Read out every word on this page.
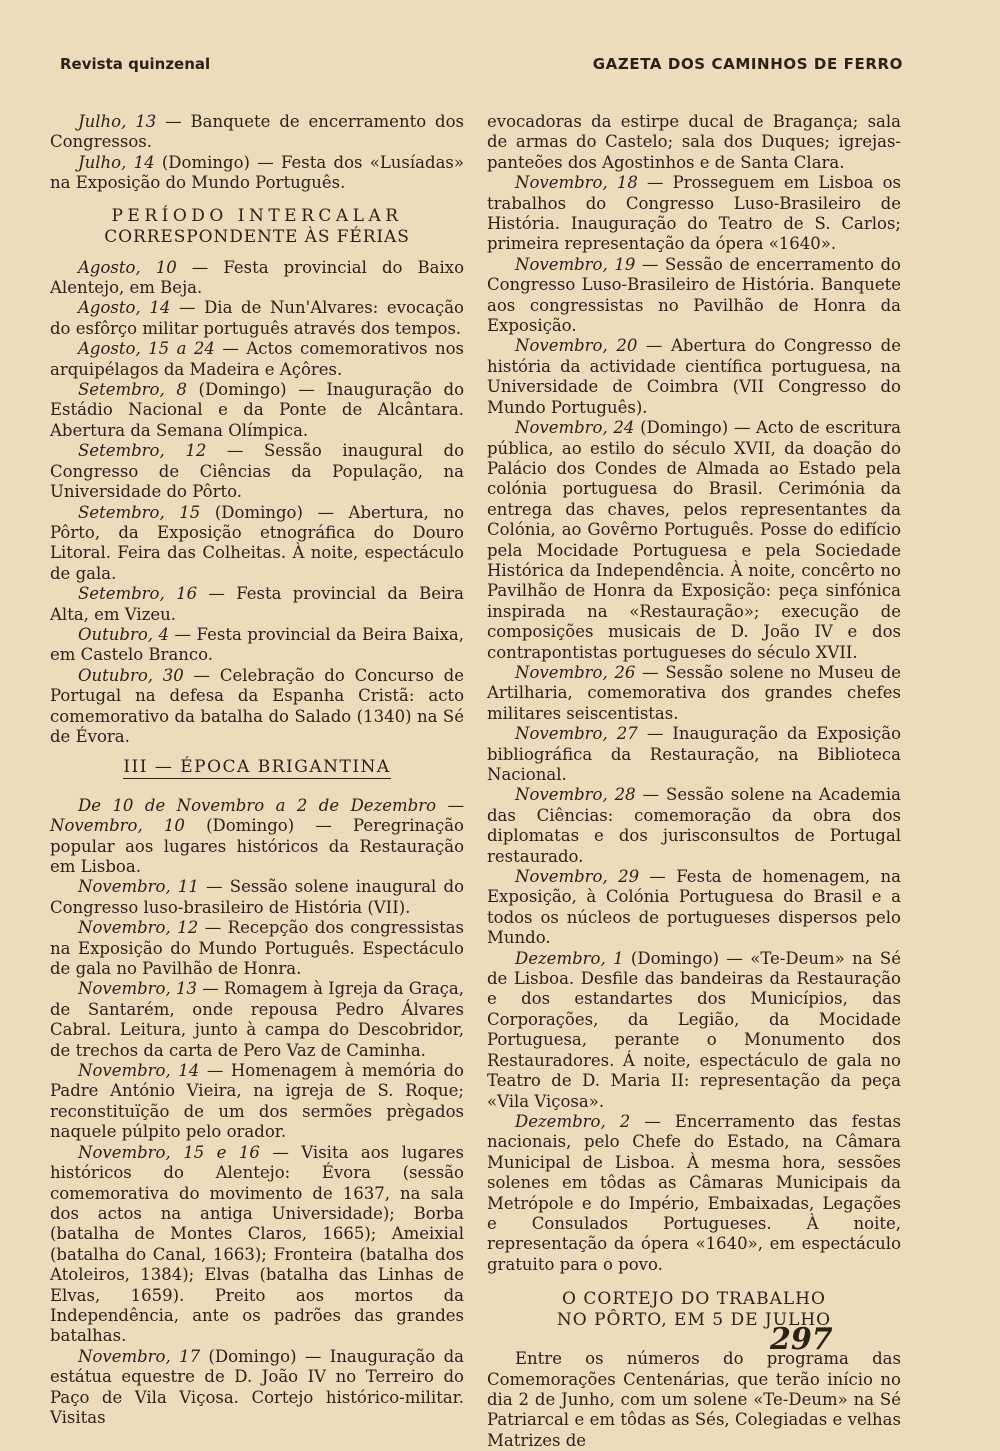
Revista quinzenal	GAZETA DOS CAMINHOS DE FERRO

Julho, 13 — Banquete de encerramento dos Congressos.

Julho, 14 (Domingo) — Festa dos «Lusíadas» na Exposição do Mundo Português.

PERÍODO INTERCALAR
CORRESPONDENTE ÀS FÉRIAS

Agosto, 10 — Festa provincial do Baixo Alentejo, em Beja.

Agosto, 14 — Dia de Nun'Alvares: evocação do esfôrço militar português através dos tempos.

Agosto, 15 a 24 — Actos comemorativos nos arquipélagos da Madeira e Açôres.

Setembro, 8 (Domingo) — Inauguração do Estádio Nacional e da Ponte de Alcântara. Abertura da Semana Olímpica.

Setembro, 12 — Sessão inaugural do Congresso de Ciências da População, na Universidade do Pôrto.

Setembro, 15 (Domingo) — Abertura, no Pôrto, da Exposição etnográfica do Douro Litoral. Feira das Colheitas. À noite, espectáculo de gala.

Setembro, 16 — Festa provincial da Beira Alta, em Vizeu.

Outubro, 4 — Festa provincial da Beira Baixa, em Castelo Branco.

Outubro, 30 — Celebração do Concurso de Portugal na defesa da Espanha Cristã: acto comemorativo da batalha do Salado (1340) na Sé de Évora.

III — ÉPOCA BRIGANTINA

De 10 de Novembro a 2 de Dezembro — Novembro, 10 (Domingo) — Peregrinação popular aos lugares históricos da Restauração em Lisboa.

Novembro, 11 — Sessão solene inaugural do Congresso luso-brasileiro de História (VII).

Novembro, 12 — Recepção dos congressistas na Exposição do Mundo Português. Espectáculo de gala no Pavilhão de Honra.

Novembro, 13 — Romagem à Igreja da Graça, de Santarém, onde repousa Pedro Álvares Cabral. Leitura, junto à campa do Descobridor, de trechos da carta de Pero Vaz de Caminha.

Novembro, 14 — Homenagem à memória do Padre António Vieira, na igreja de S. Roque; reconstituïção de um dos sermões prègados naquele púlpito pelo orador.

Novembro, 15 e 16 — Visita aos lugares históricos do Alentejo: Évora (sessão comemorativa do movimento de 1637, na sala dos actos na antiga Universidade); Borba (batalha de Montes Claros, 1665); Ameixial (batalha do Canal, 1663); Fronteira (batalha dos Atoleiros, 1384); Elvas (batalha das Linhas de Elvas, 1659). Preito aos mortos da Independência, ante os padrões das grandes batalhas.

Novembro, 17 (Domingo) — Inauguração da estátua equestre de D. João IV no Terreiro do Paço de Vila Viçosa. Cortejo histórico-militar. Visitas

evocadoras da estirpe ducal de Bragança; sala de armas do Castelo; sala dos Duques; igrejas-panteões dos Agostinhos e de Santa Clara.

Novembro, 18 — Prosseguem em Lisboa os trabalhos do Congresso Luso-Brasileiro de História. Inauguração do Teatro de S. Carlos; primeira representação da ópera «1640».

Novembro, 19 — Sessão de encerramento do Congresso Luso-Brasileiro de História. Banquete aos congressistas no Pavilhão de Honra da Exposição.

Novembro, 20 — Abertura do Congresso de história da actividade científica portuguesa, na Universidade de Coimbra (VII Congresso do Mundo Português).

Novembro, 24 (Domingo) — Acto de escritura pública, ao estilo do século XVII, da doação do Palácio dos Condes de Almada ao Estado pela colónia portuguesa do Brasil. Cerimónia da entrega das chaves, pelos representantes da Colónia, ao Govêrno Português. Posse do edifício pela Mocidade Portuguesa e pela Sociedade Histórica da Independência. À noite, concêrto no Pavilhão de Honra da Exposição: peça sinfónica inspirada na «Restauração»; execução de composições musicais de D. João IV e dos contrapontistas portugueses do século XVII.

Novembro, 26 — Sessão solene no Museu de Artilharia, comemorativa dos grandes chefes militares seiscentistas.

Novembro, 27 — Inauguração da Exposição bibliográfica da Restauração, na Biblioteca Nacional.

Novembro, 28 — Sessão solene na Academia das Ciências: comemoração da obra dos diplomatas e dos jurisconsultos de Portugal restaurado.

Novembro, 29 — Festa de homenagem, na Exposição, à Colónia Portuguesa do Brasil e a todos os núcleos de portugueses dispersos pelo Mundo.

Dezembro, 1 (Domingo) — «Te-Deum» na Sé de Lisboa. Desfile das bandeiras da Restauração e dos estandartes dos Municípios, das Corporações, da Legião, da Mocidade Portuguesa, perante o Monumento dos Restauradores. Á noite, espectáculo de gala no Teatro de D. Maria II: representação da peça «Vila Viçosa».

Dezembro, 2 — Encerramento das festas nacionais, pelo Chefe do Estado, na Câmara Municipal de Lisboa. À mesma hora, sessões solenes em tôdas as Câmaras Municipais da Metrópole e do Império, Embaixadas, Legações e Consulados Portugueses. À noite, representação da ópera «1640», em espectáculo gratuito para o povo.

O CORTEJO DO TRABALHO
NO PÔRTO, EM 5 DE JULHO

Entre os números do programa das Comemorações Centenárias, que terão início no dia 2 de Junho, com um solene «Te-Deum» na Sé Patriarcal e em tôdas as Sés, Colegiadas e velhas Matrizes de

297
